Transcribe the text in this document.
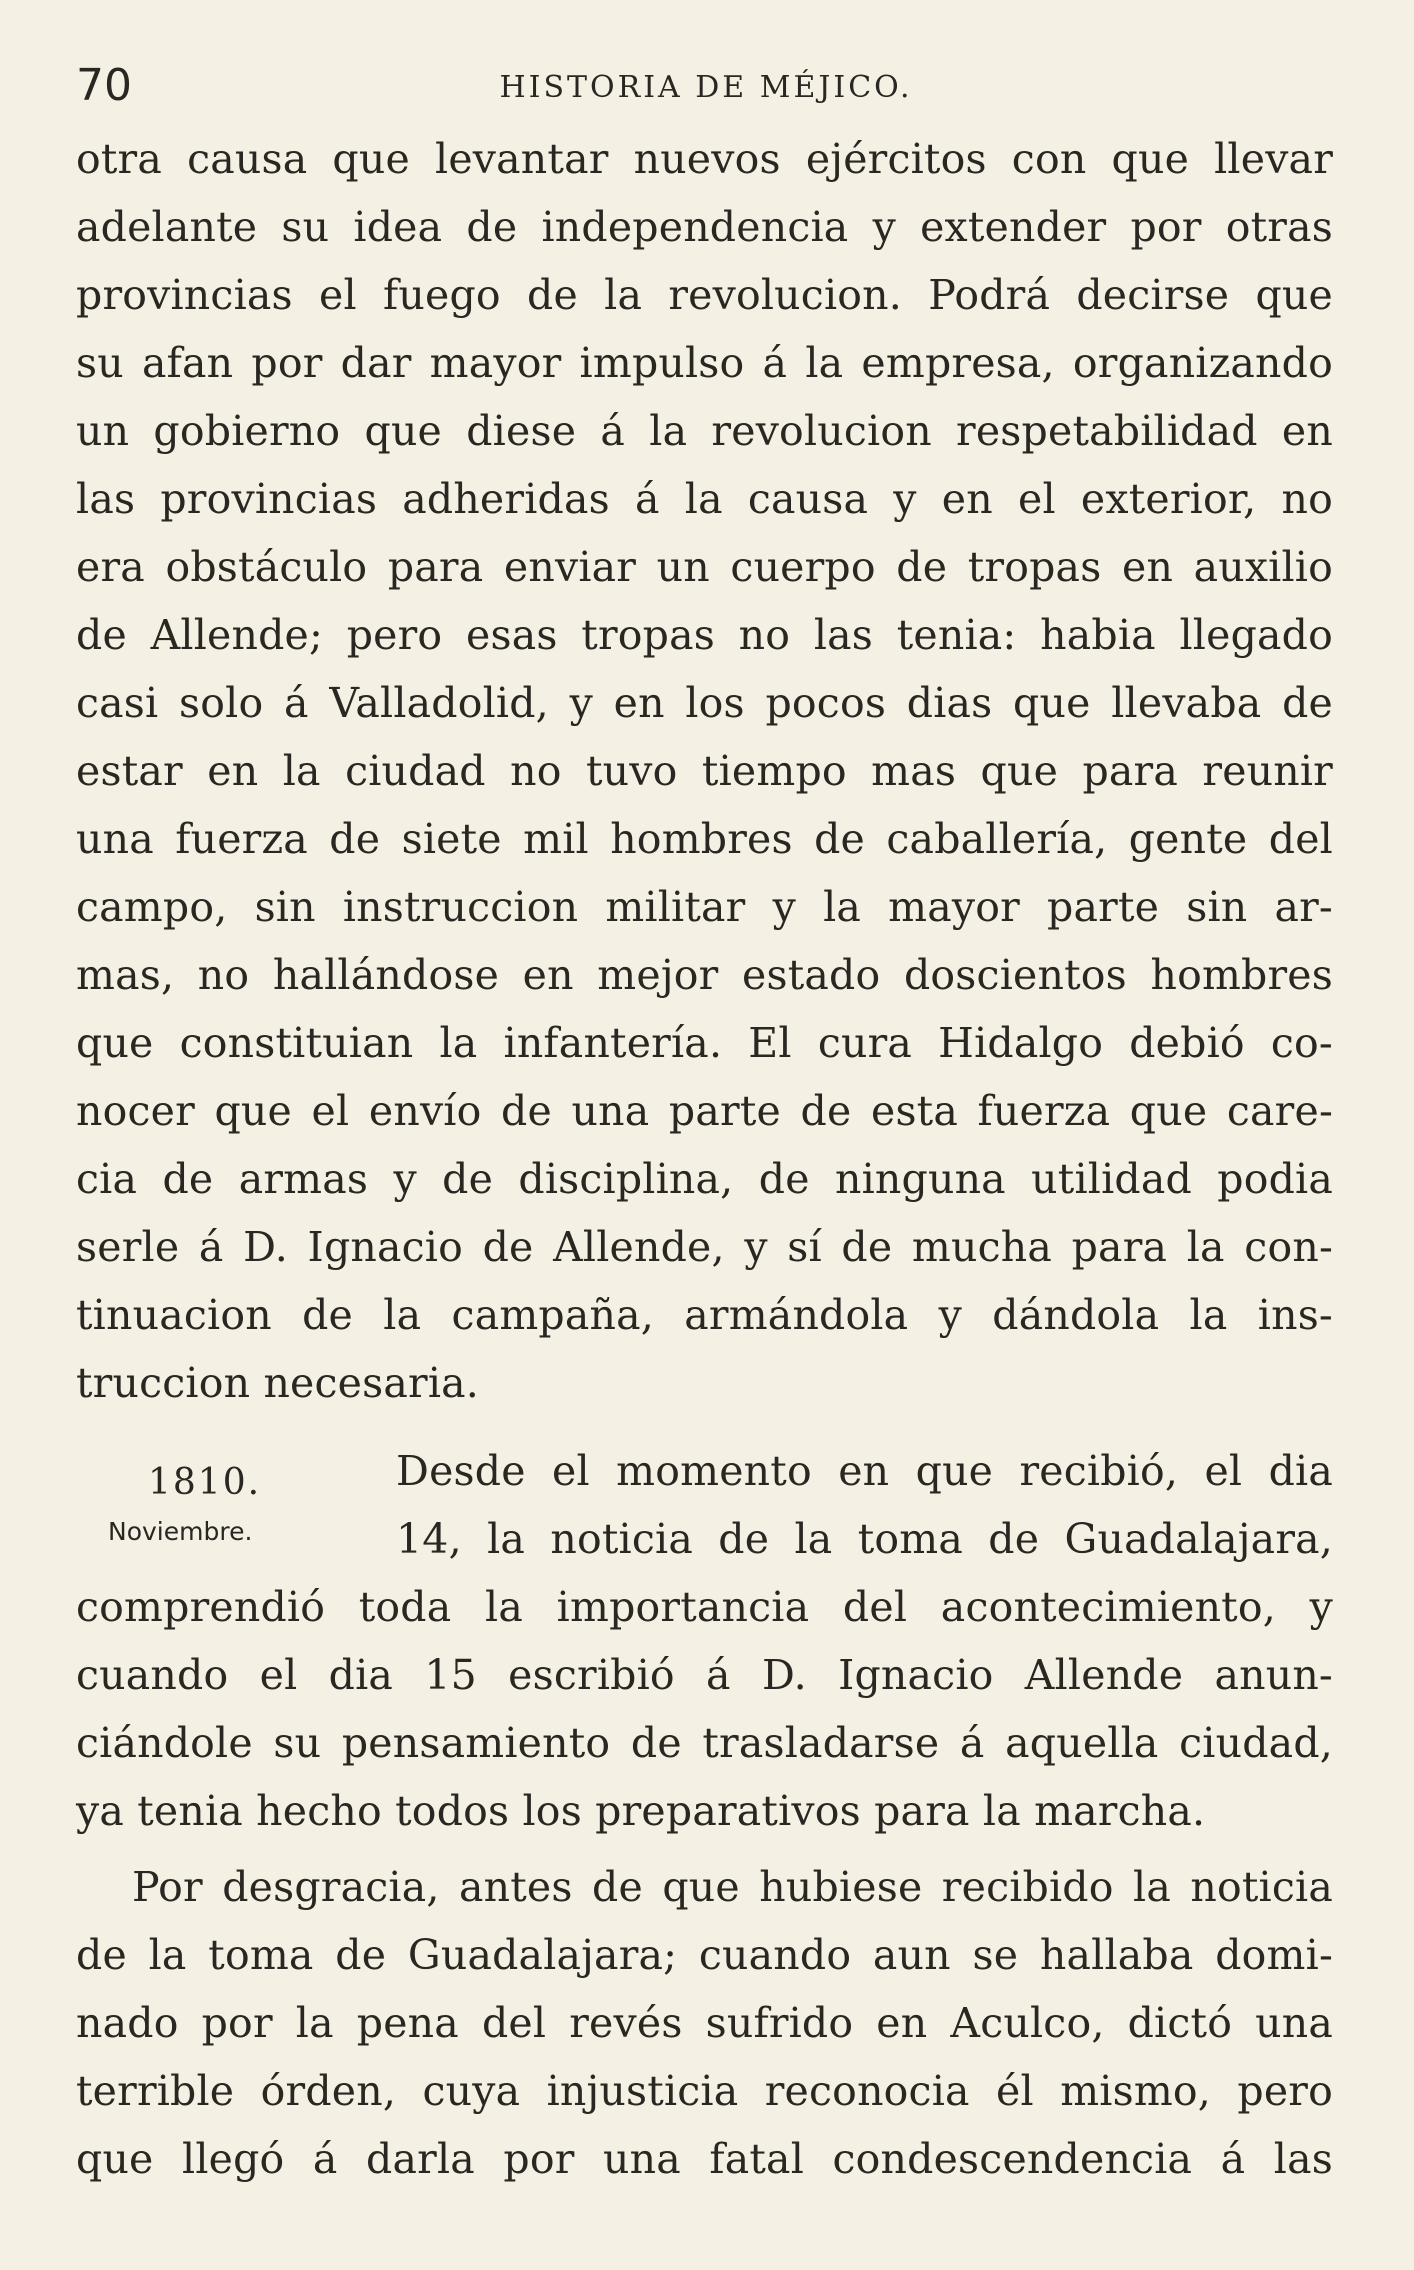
70	HISTORIA DE MÉJICO.
otra causa que levantar nuevos ejércitos con que llevar
adelante su idea de independencia y extender por otras
provincias el fuego de la revolucion. Podrá decirse que
su afan por dar mayor impulso á la empresa, organizando
un gobierno que diese á la revolucion respetabilidad en
las provincias adheridas á la causa y en el exterior, no
era obstáculo para enviar un cuerpo de tropas en auxilio
de Allende; pero esas tropas no las tenia: habia llegado
casi solo á Valladolid, y en los pocos dias que llevaba de
estar en la ciudad no tuvo tiempo mas que para reunir
una fuerza de siete mil hombres de caballería, gente del
campo, sin instruccion militar y la mayor parte sin ar-
mas, no hallándose en mejor estado doscientos hombres
que constituian la infantería. El cura Hidalgo debió co-
nocer que el envío de una parte de esta fuerza que care-
cia de armas y de disciplina, de ninguna utilidad podia
serle á D. Ignacio de Allende, y sí de mucha para la con-
tinuacion de la campaña, armándola y dándola la ins-
truccion necesaria.
1810.
Noviembre.
Desde el momento en que recibió, el dia
14, la noticia de la toma de Guadalajara,
comprendió toda la importancia del acontecimiento, y
cuando el dia 15 escribió á D. Ignacio Allende anun-
ciándole su pensamiento de trasladarse á aquella ciudad,
ya tenia hecho todos los preparativos para la marcha.
Por desgracia, antes de que hubiese recibido la noticia
de la toma de Guadalajara; cuando aun se hallaba domi-
nado por la pena del revés sufrido en Aculco, dictó una
terrible órden, cuya injusticia reconocia él mismo, pero
que llegó á darla por una fatal condescendencia á las
